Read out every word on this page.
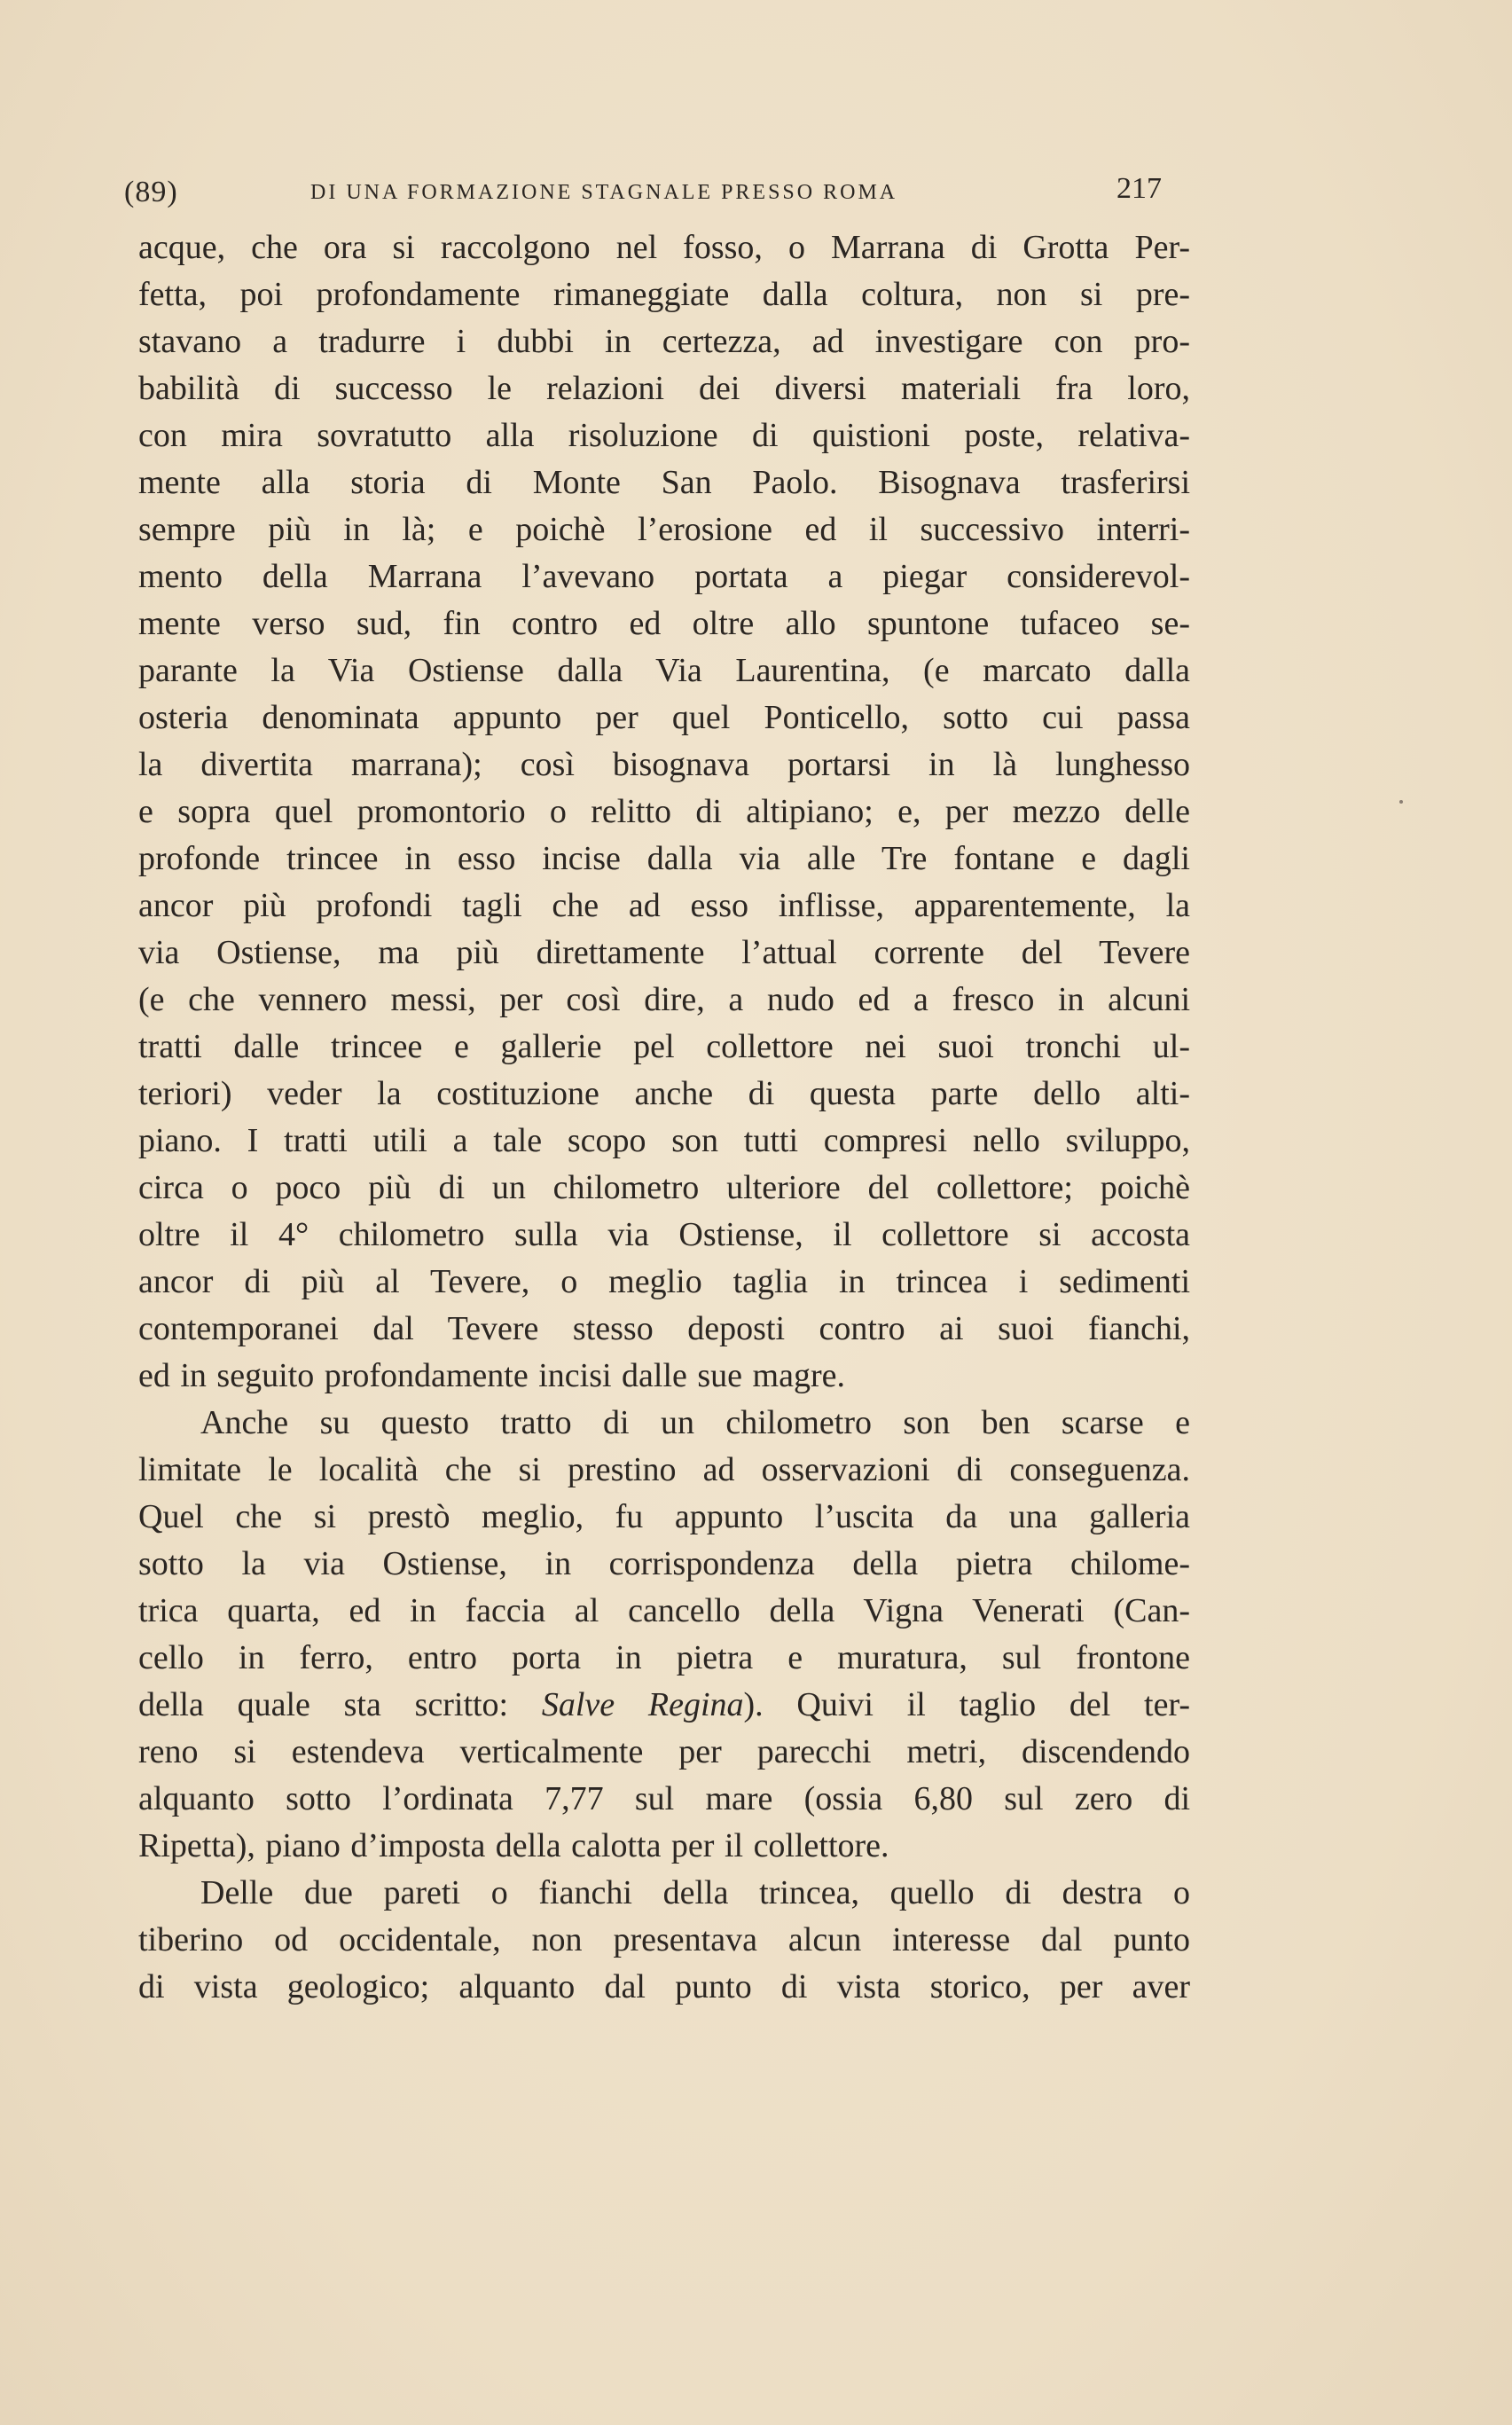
(89)	DI UNA FORMAZIONE STAGNALE PRESSO ROMA	217
acque, che ora si raccolgono nel fosso, o Marrana di Grotta Per-
fetta, poi profondamente rimaneggiate dalla coltura, non si pre-
stavano a tradurre i dubbi in certezza, ad investigare con pro-
babilità di successo le relazioni dei diversi materiali fra loro,
con mira sovratutto alla risoluzione di quistioni poste, relativa-
mente alla storia di Monte San Paolo. Bisognava trasferirsi
sempre più in là; e poichè l’erosione ed il successivo interri-
mento della Marrana l’avevano portata a piegar considerevol-
mente verso sud, fin contro ed oltre allo spuntone tufaceo se-
parante la Via Ostiense dalla Via Laurentina, (e marcato dalla
osteria denominata appunto per quel Ponticello, sotto cui passa
la divertita marrana); così bisognava portarsi in là lunghesso
e sopra quel promontorio o relitto di altipiano; e, per mezzo delle
profonde trincee in esso incise dalla via alle Tre fontane e dagli
ancor più profondi tagli che ad esso inflisse, apparentemente, la
via Ostiense, ma più direttamente l’attual corrente del Tevere
(e che vennero messi, per così dire, a nudo ed a fresco in alcuni
tratti dalle trincee e gallerie pel collettore nei suoi tronchi ul-
teriori) veder la costituzione anche di questa parte dello alti-
piano. I tratti utili a tale scopo son tutti compresi nello sviluppo,
circa o poco più di un chilometro ulteriore del collettore; poichè
oltre il 4° chilometro sulla via Ostiense, il collettore si accosta
ancor di più al Tevere, o meglio taglia in trincea i sedimenti
contemporanei dal Tevere stesso deposti contro ai suoi fianchi,
ed in seguito profondamente incisi dalle sue magre.
Anche su questo tratto di un chilometro son ben scarse e
limitate le località che si prestino ad osservazioni di conseguenza.
Quel che si prestò meglio, fu appunto l’uscita da una galleria
sotto la via Ostiense, in corrispondenza della pietra chilome-
trica quarta, ed in faccia al cancello della Vigna Venerati (Can-
cello in ferro, entro porta in pietra e muratura, sul frontone
della quale sta scritto: Salve Regina). Quivi il taglio del ter-
reno si estendeva verticalmente per parecchi metri, discendendo
alquanto sotto l’ordinata 7,77 sul mare (ossia 6,80 sul zero di
Ripetta), piano d’imposta della calotta per il collettore.
Delle due pareti o fianchi della trincea, quello di destra o
tiberino od occidentale, non presentava alcun interesse dal punto
di vista geologico; alquanto dal punto di vista storico, per aver
